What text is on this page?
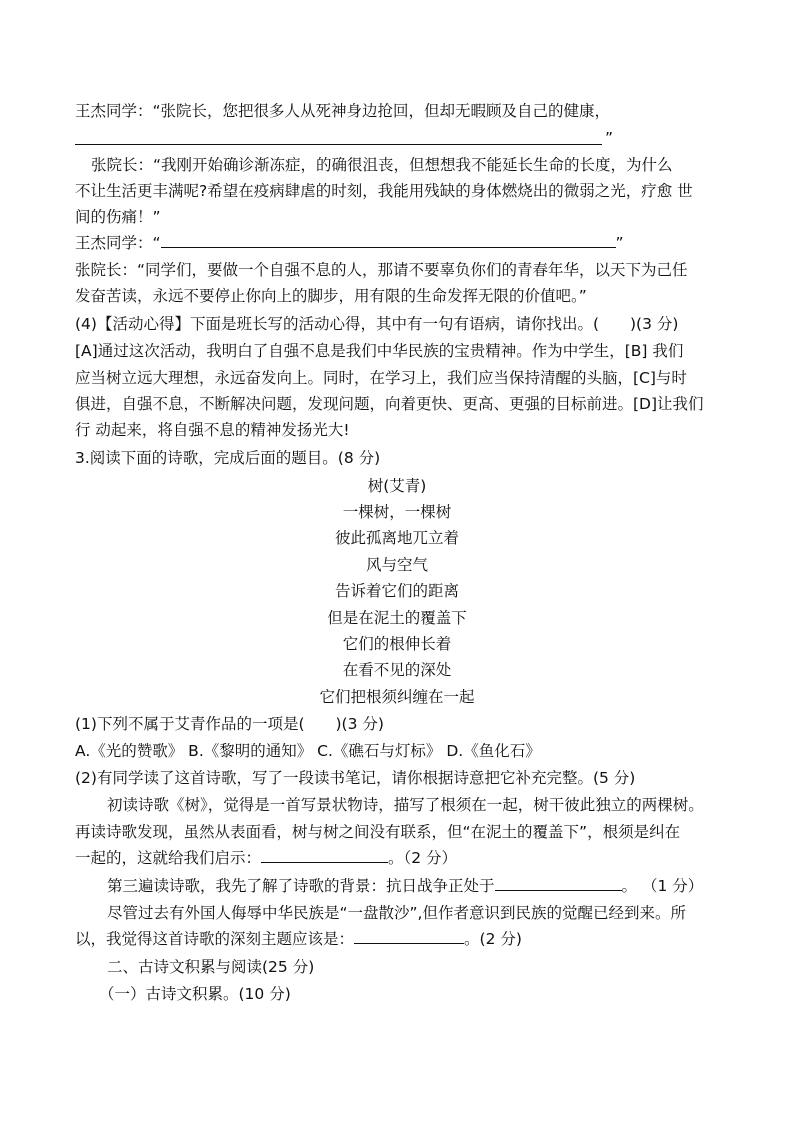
王杰同学：“张院长，您把很多人从死神身边抢回，但却无暇顾及自己的健康，
”
张院长：“我刚开始确诊渐冻症，的确很沮丧，但想想我不能延长生命的长度，为什么
不让生活更丰满呢?希望在疫病肆虐的时刻，我能用残缺的身体燃烧出的微弱之光，疗愈 世
间的伤痛！”
王杰同学：“	”
张院长：“同学们，要做一个自强不息的人，那请不要辜负你们的青春年华，以天下为己任
发奋苦读，永远不要停止你向上的脚步，用有限的生命发挥无限的价值吧。”
(4)【活动心得】下面是班长写的活动心得，其中有一句有语病，请你找出。(　　)(3 分)
[A]通过这次活动，我明白了自强不息是我们中华民族的宝贵精神。作为中学生，[B] 我们
应当树立远大理想，永远奋发向上。同时，在学习上，我们应当保持清醒的头脑，[C]与时
俱进，自强不息，不断解决问题，发现问题，向着更快、更高、更强的目标前进。[D]让我们
行 动起来，将自强不息的精神发扬光大!
3.阅读下面的诗歌，完成后面的题目。(8 分)
树(艾青)
一棵树，一棵树
彼此孤离地兀立着
风与空气
告诉着它们的距离
但是在泥土的覆盖下
它们的根伸长着
在看不见的深处
它们把根须纠缠在一起
(1)下列不属于艾青作品的一项是(　　)(3 分)
A.《光的赞歌》 B.《黎明的通知》 C.《礁石与灯标》 D.《鱼化石》
(2)有同学读了这首诗歌，写了一段读书笔记，请你根据诗意把它补充完整。(5 分)
初读诗歌《树》，觉得是一首写景状物诗，描写了根须在一起，树干彼此独立的两棵树。
再读诗歌发现，虽然从表面看，树与树之间没有联系，但“在泥土的覆盖下”，根须是纠在
一起的，这就给我们启示：	。（2 分）
第三遍读诗歌，我先了解了诗歌的背景：抗日战争正处于	。 （1 分）
尽管过去有外国人侮辱中华民族是“一盘散沙”,但作者意识到民族的觉醒已经到来。所
以，我觉得这首诗歌的深刻主题应该是：	。(2 分)
二、古诗文积累与阅读(25 分)
（一）古诗文积累。(10 分)
